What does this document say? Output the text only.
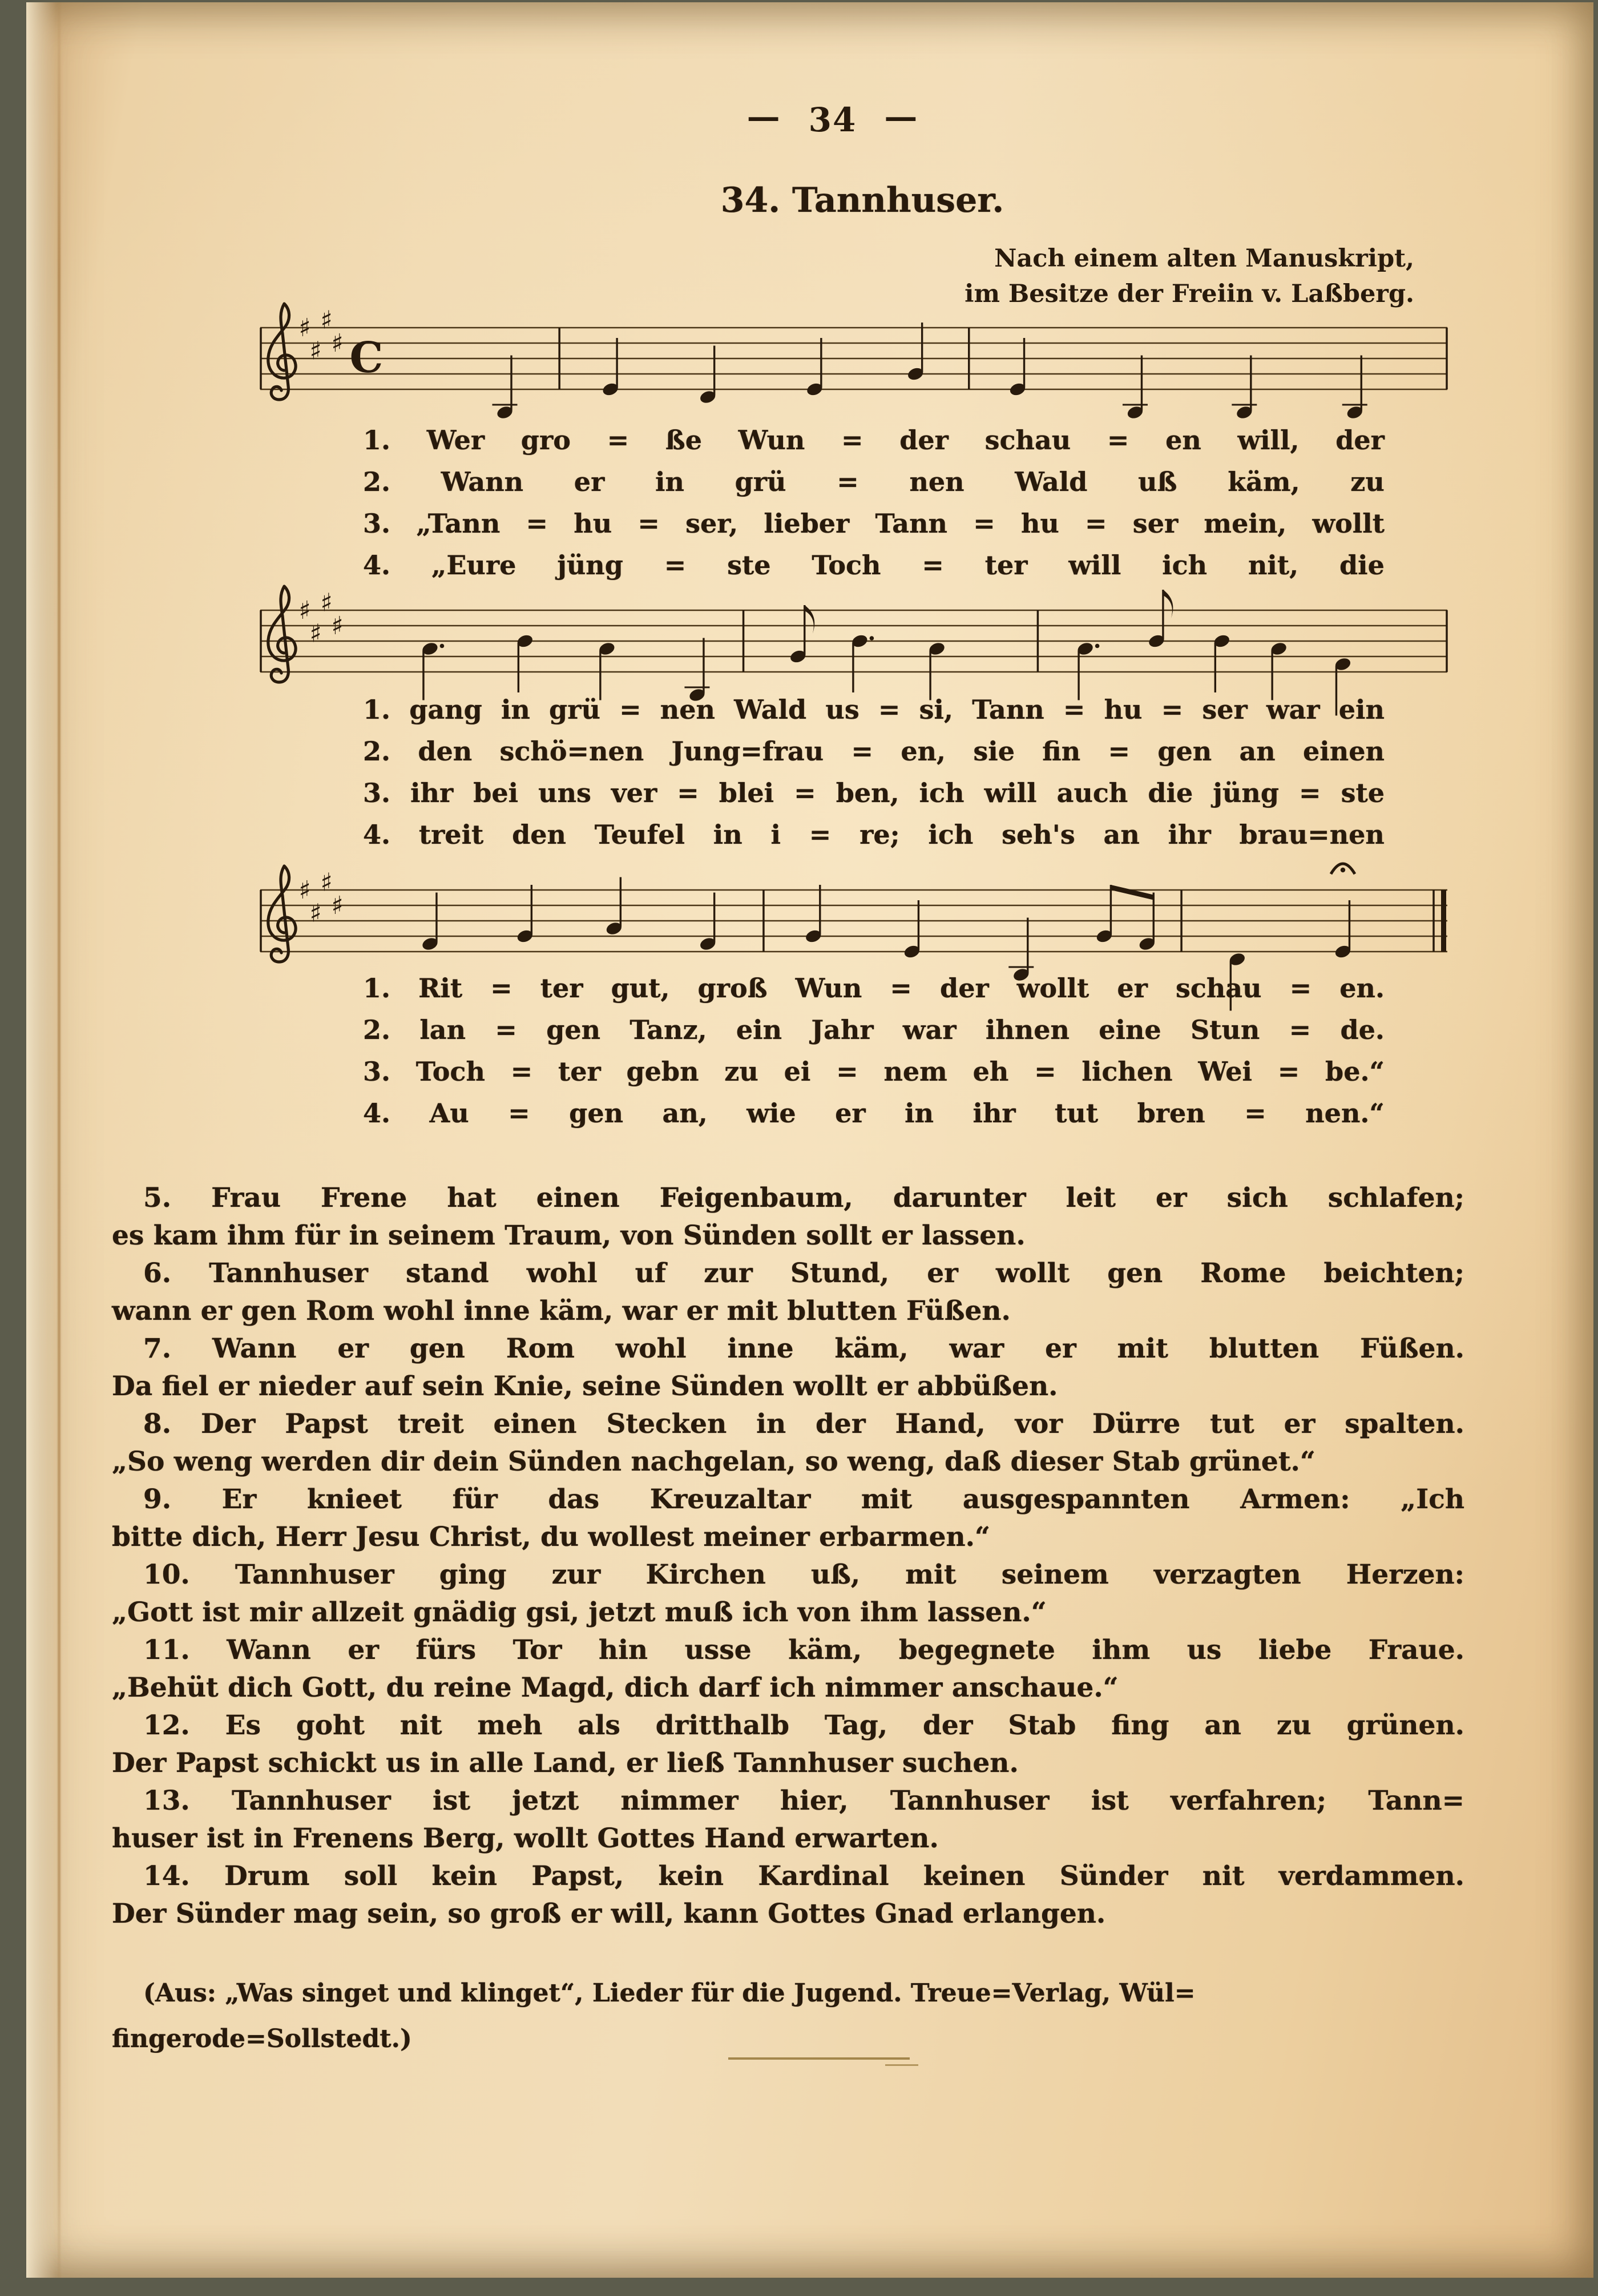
— 34 —
34. Tannhuser.
Nach einem alten Manuskript,
im Besitze der Freiin v. Laßberg.
♯
♯
♯
♯ C
♯
♯
♯
♯
♯
♯
♯
♯
1. Wer gro = ße Wun = der schau = en will, der
2. Wann er in grü = nen Wald uß käm, zu
3. „Tann = hu = ser, lieber Tann = hu = ser mein, wollt
4. „Eure jüng = ste Toch = ter will ich nit, die
1. gang in grü = nen Wald us = si, Tann = hu = ser war ein
2. den schö=nen Jung=frau = en, sie fin = gen an einen
3. ihr bei uns ver = blei = ben, ich will auch die jüng = ste
4. treit den Teufel in i = re; ich seh's an ihr brau=nen
1. Rit = ter gut, groß Wun = der wollt er schau = en.
2. lan = gen Tanz, ein Jahr war ihnen eine Stun = de.
3. Toch = ter gebn zu ei = nem eh = lichen Wei = be.“
4. Au = gen an, wie er in ihr tut bren = nen.“
5. Frau Frene hat einen Feigenbaum, darunter leit er sich schlafen;
es kam ihm für in seinem Traum, von Sünden sollt er lassen.
6. Tannhuser stand wohl uf zur Stund, er wollt gen Rome beichten;
wann er gen Rom wohl inne käm, war er mit blutten Füßen.
7. Wann er gen Rom wohl inne käm, war er mit blutten Füßen.
Da fiel er nieder auf sein Knie, seine Sünden wollt er abbüßen.
8. Der Papst treit einen Stecken in der Hand, vor Dürre tut er spalten.
„So weng werden dir dein Sünden nachgelan, so weng, daß dieser Stab grünet.“
9. Er knieet für das Kreuzaltar mit ausgespannten Armen: „Ich
bitte dich, Herr Jesu Christ, du wollest meiner erbarmen.“
10. Tannhuser ging zur Kirchen uß, mit seinem verzagten Herzen:
„Gott ist mir allzeit gnädig gsi, jetzt muß ich von ihm lassen.“
11. Wann er fürs Tor hin usse käm, begegnete ihm us liebe Fraue.
„Behüt dich Gott, du reine Magd, dich darf ich nimmer anschaue.“
12. Es goht nit meh als dritthalb Tag, der Stab fing an zu grünen.
Der Papst schickt us in alle Land, er ließ Tannhuser suchen.
13. Tannhuser ist jetzt nimmer hier, Tannhuser ist verfahren; Tann=
huser ist in Frenens Berg, wollt Gottes Hand erwarten.
14. Drum soll kein Papst, kein Kardinal keinen Sünder nit verdammen.
Der Sünder mag sein, so groß er will, kann Gottes Gnad erlangen.
(Aus: „Was singet und klinget“, Lieder für die Jugend. Treue=Verlag, Wül=
fingerode=Sollstedt.)
